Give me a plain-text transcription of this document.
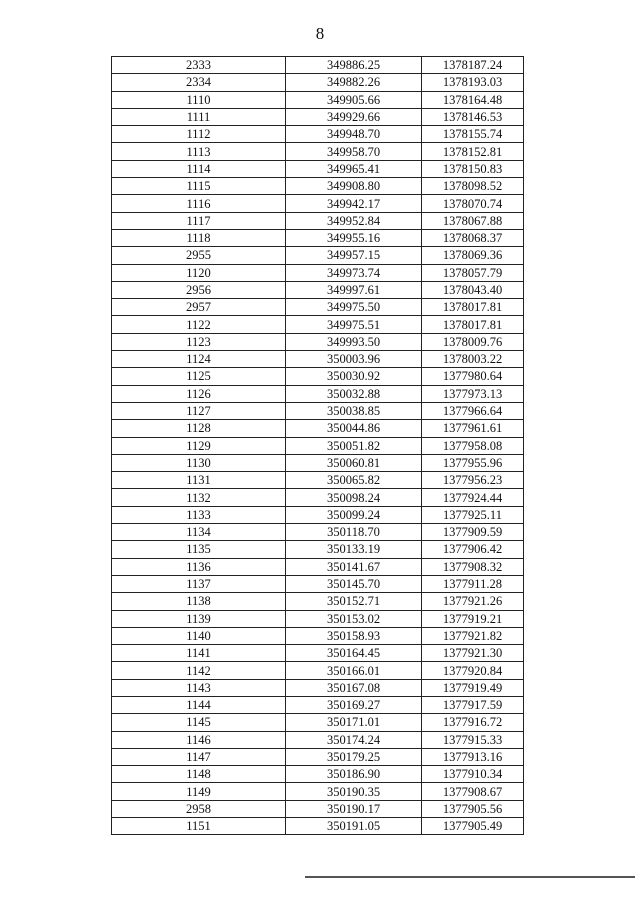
8
2333	349886.25	1378187.24
2334	349882.26	1378193.03
1110	349905.66	1378164.48
1111	349929.66	1378146.53
1112	349948.70	1378155.74
1113	349958.70	1378152.81
1114	349965.41	1378150.83
1115	349908.80	1378098.52
1116	349942.17	1378070.74
1117	349952.84	1378067.88
1118	349955.16	1378068.37
2955	349957.15	1378069.36
1120	349973.74	1378057.79
2956	349997.61	1378043.40
2957	349975.50	1378017.81
1122	349975.51	1378017.81
1123	349993.50	1378009.76
1124	350003.96	1378003.22
1125	350030.92	1377980.64
1126	350032.88	1377973.13
1127	350038.85	1377966.64
1128	350044.86	1377961.61
1129	350051.82	1377958.08
1130	350060.81	1377955.96
1131	350065.82	1377956.23
1132	350098.24	1377924.44
1133	350099.24	1377925.11
1134	350118.70	1377909.59
1135	350133.19	1377906.42
1136	350141.67	1377908.32
1137	350145.70	1377911.28
1138	350152.71	1377921.26
1139	350153.02	1377919.21
1140	350158.93	1377921.82
1141	350164.45	1377921.30
1142	350166.01	1377920.84
1143	350167.08	1377919.49
1144	350169.27	1377917.59
1145	350171.01	1377916.72
1146	350174.24	1377915.33
1147	350179.25	1377913.16
1148	350186.90	1377910.34
1149	350190.35	1377908.67
2958	350190.17	1377905.56
1151	350191.05	1377905.49
